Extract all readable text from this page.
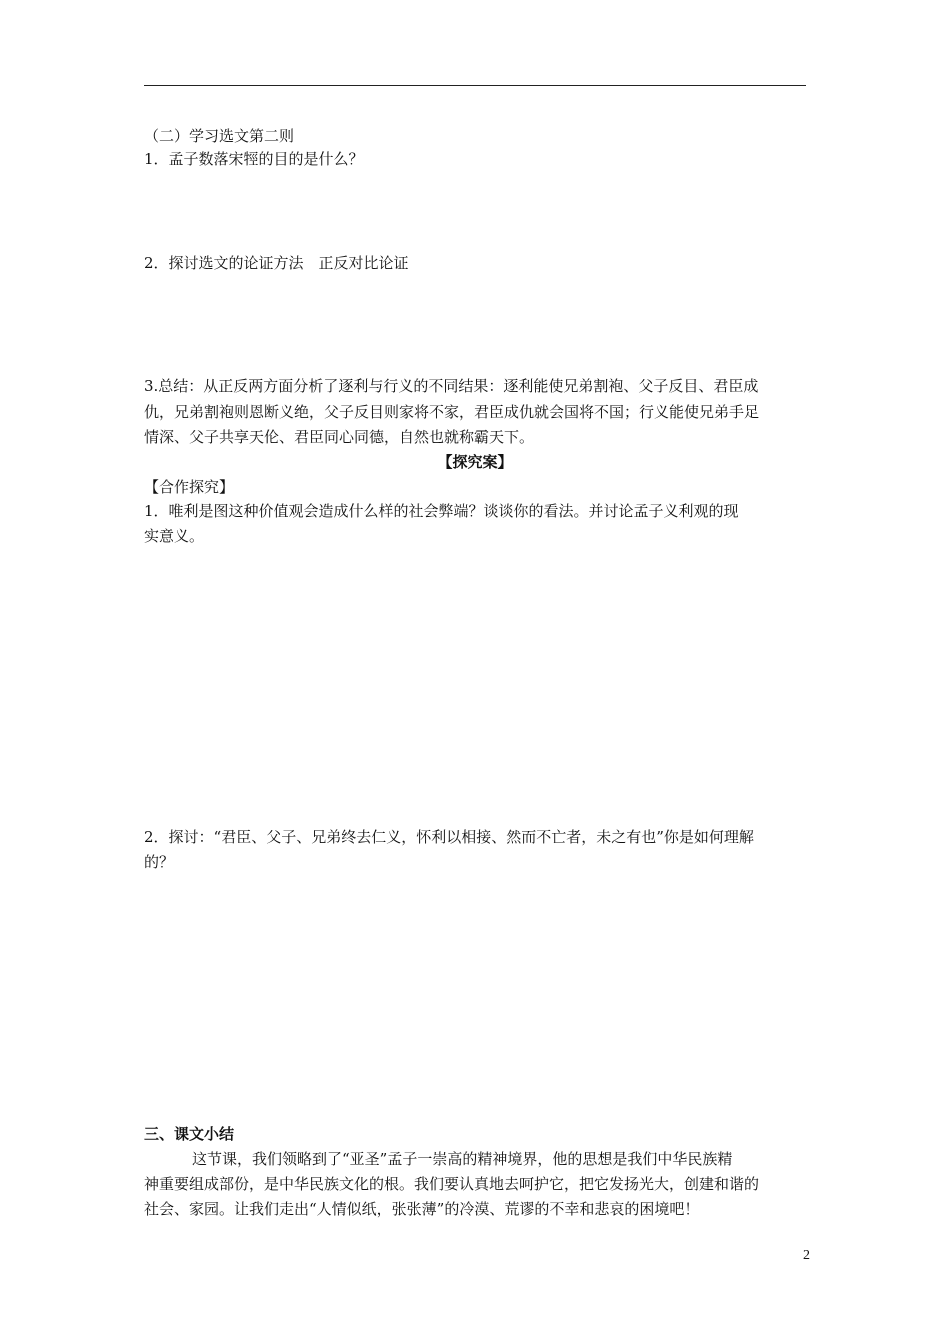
（二）学习选文第二则
1．孟子数落宋牼的目的是什么？
2．探讨选文的论证方法　正反对比论证
3.总结：从正反两方面分析了逐利与行义的不同结果：逐利能使兄弟割袍、父子反目、君臣成
仇，兄弟割袍则恩断义绝，父子反目则家将不家，君臣成仇就会国将不国；行义能使兄弟手足
情深、父子共享天伦、君臣同心同德，自然也就称霸天下。
【探究案】
【合作探究】
1．唯利是图这种价值观会造成什么样的社会弊端？谈谈你的看法。并讨论孟子义利观的现
实意义。
2．探讨：“君臣、父子、兄弟终去仁义，怀利以相接、然而不亡者，未之有也”你是如何理解
的？
三、课文小结
这节课，我们领略到了“亚圣”孟子一崇高的精神境界，他的思想是我们中华民族精
神重要组成部份，是中华民族文化的根。我们要认真地去呵护它，把它发扬光大，创建和谐的
社会、家园。让我们走出“人情似纸，张张薄”的冷漠、荒谬的不幸和悲哀的困境吧！
2
